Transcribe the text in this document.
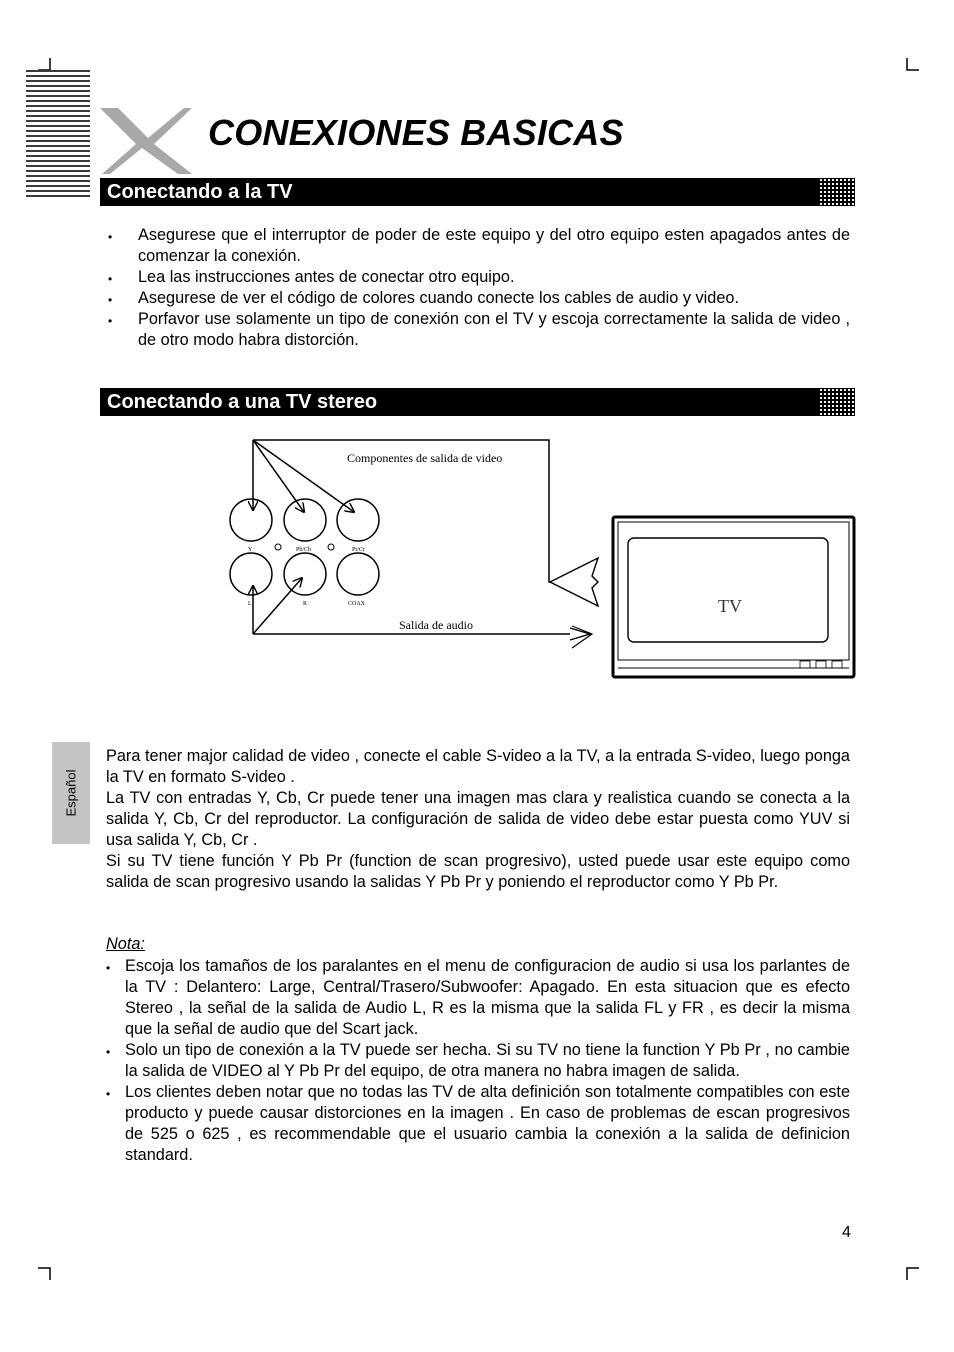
CONEXIONES BASICAS
Conectando a la TV
• Asegurese que el interruptor de poder de este equipo y del otro equipo esten apagados antes de comenzar la conexión.
• Lea las instrucciones antes de conectar otro equipo.
• Asegurese de ver el código de colores cuando conecte los cables de audio y video.
• Porfavor use solamente un tipo de conexión con el TV y escoja correctamente la salida de video , de otro modo habra distorción.
Conectando a una TV stereo
Y	Pb/Cb	Pr/Cr
R
L	COAX
Componentes de salida de video
Salida de audio
TV
Español
Para tener major calidad de video , conecte el cable S-video a la TV, a la entrada S-video, luego ponga la TV en formato S-video .
La TV con entradas Y, Cb, Cr puede tener una imagen mas clara y realistica cuando se conecta a la salida Y, Cb, Cr del reproductor. La configuración de salida de video debe estar puesta como YUV si usa salida Y, Cb, Cr .
Si su TV tiene función Y Pb Pr (function de scan progresivo), usted puede usar este equipo como salida de scan progresivo usando la salidas Y Pb Pr y poniendo el reproductor como Y Pb Pr.
Nota:
• Escoja los tamaños de los paralantes en el menu de configuracion de audio si usa los parlantes de la TV : Delantero: Large, Central/Trasero/Subwoofer: Apagado. En esta situacion que es efecto Stereo , la señal de la salida de Audio L, R es la misma que la salida FL y FR , es decir la misma que la señal de audio que del Scart jack.
• Solo un tipo de conexión a la TV puede ser hecha. Si su TV no tiene la function Y Pb Pr , no cambie la salida de VIDEO al Y Pb Pr del equipo, de otra manera no habra imagen de salida.
• Los clientes deben notar que no todas las TV de alta definición son totalmente compatibles con este producto y puede causar distorciones en la imagen . En caso de problemas de escan progresivos de 525 o 625 , es recommendable que el usuario cambia la conexión a la salida de definicion standard.
4
